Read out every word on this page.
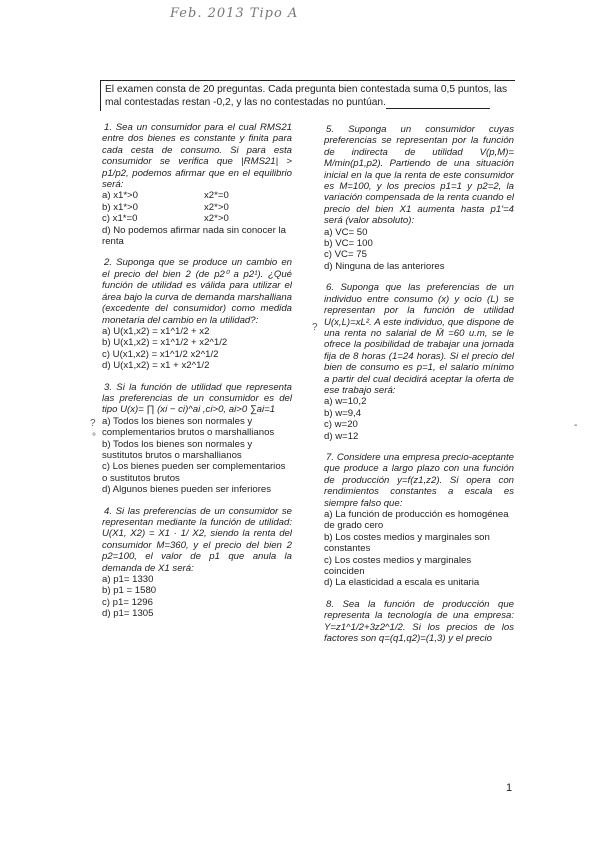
Feb. 2013 Tipo A

El examen consta de 20 preguntas. Cada pregunta bien contestada suma 0,5 puntos, las mal contestadas restan -0,2, y las no contestadas no puntúan.

1. Sea un consumidor para el cual RMS21 entre dos bienes es constante y finita para cada cesta de consumo. Si para esta consumidor se verifica que |RMS21| > p1/p2, podemos afirmar que en el equilibrio será:
a) x1*>0	x2*=0
b) x1*>0	x2*>0
c) x1*=0	x2*>0
d) No podemos afirmar nada sin conocer la renta
2. Suponga que se produce un cambio en el precio del bien 2 (de p2⁰ a p2¹). ¿Qué función de utilidad es válida para utilizar el área bajo la curva de demanda marshalliana (excedente del consumidor) como medida monetaria del cambio en la utilidad?:
a) U(x1,x2) = x1^1/2 + x2
b) U(x1,x2) = x1^1/2 + x2^1/2
c) U(x1,x2) = x1^1/2 x2^1/2
d) U(x1,x2) = x1 + x2^1/2
3. Si la función de utilidad que representa las preferencias de un consumidor es del tipo U(x)= ∏ (xi − ci)^ai ,ci>0, ai>0 ∑ai=1
a) Todos los bienes son normales y complementarios brutos o marshallianos
b) Todos los bienes son normales y sustitutos brutos o marshallianos
c) Los bienes pueden ser complementarios o sustitutos brutos
d) Algunos bienes pueden ser inferiores
4. Si las preferencias de un consumidor se representan mediante la función de utilidad: U(X1, X2) = X1 · 1/ X2, siendo la renta del consumidor M=360, y el precio del bien 2 p2=100, el valor de p1 que anula la demanda de X1 será:
a) p1= 1330
b) p1 = 1580
c) p1= 1296
d) p1= 1305
5. Suponga un consumidor cuyas preferencias se representan por la función de indirecta de utilidad V(p,M)= M/min(p1,p2). Partiendo de una situación inicial en la que la renta de este consumidor es M=100, y los precios p1=1 y p2=2, la variación compensada de la renta cuando el precio del bien X1 aumenta hasta p1'=4 será (valor absoluto):
a) VC= 50
b) VC= 100
c) VC= 75
d) Ninguna de las anteriores
6. Suponga que las preferencias de un individuo entre consumo (x) y ocio (L) se representan por la función de utilidad U(x,L)=xL². A este individuo, que dispone de una renta no salarial de M̄ =60 u.m, se le ofrece la posibilidad de trabajar una jornada fija de 8 horas (1=24 horas). Si el precio del bien de consumo es p=1, el salario mínimo a partir del cual decidirá aceptar la oferta de ese trabajo será:
a) w=10,2
b) w=9,4
c) w=20
d) w=12
7. Considere una empresa precio-aceptante que produce a largo plazo con una función de producción y=f(z1,z2). Si opera con rendimientos constantes a escala es siempre falso que:
a) La función de producción es homogénea de grado cero
b) Los costes medios y marginales son constantes
c) Los costes medios y marginales coinciden
d) La elasticidad a escala es unitaria
8. Sea la función de producción que representa la tecnología de una empresa: Y=z1^1/2+3z2^1/2. Si los precios de los factores son q=(q1,q2)=(1,3) y el precio
?
°
?
-
1
